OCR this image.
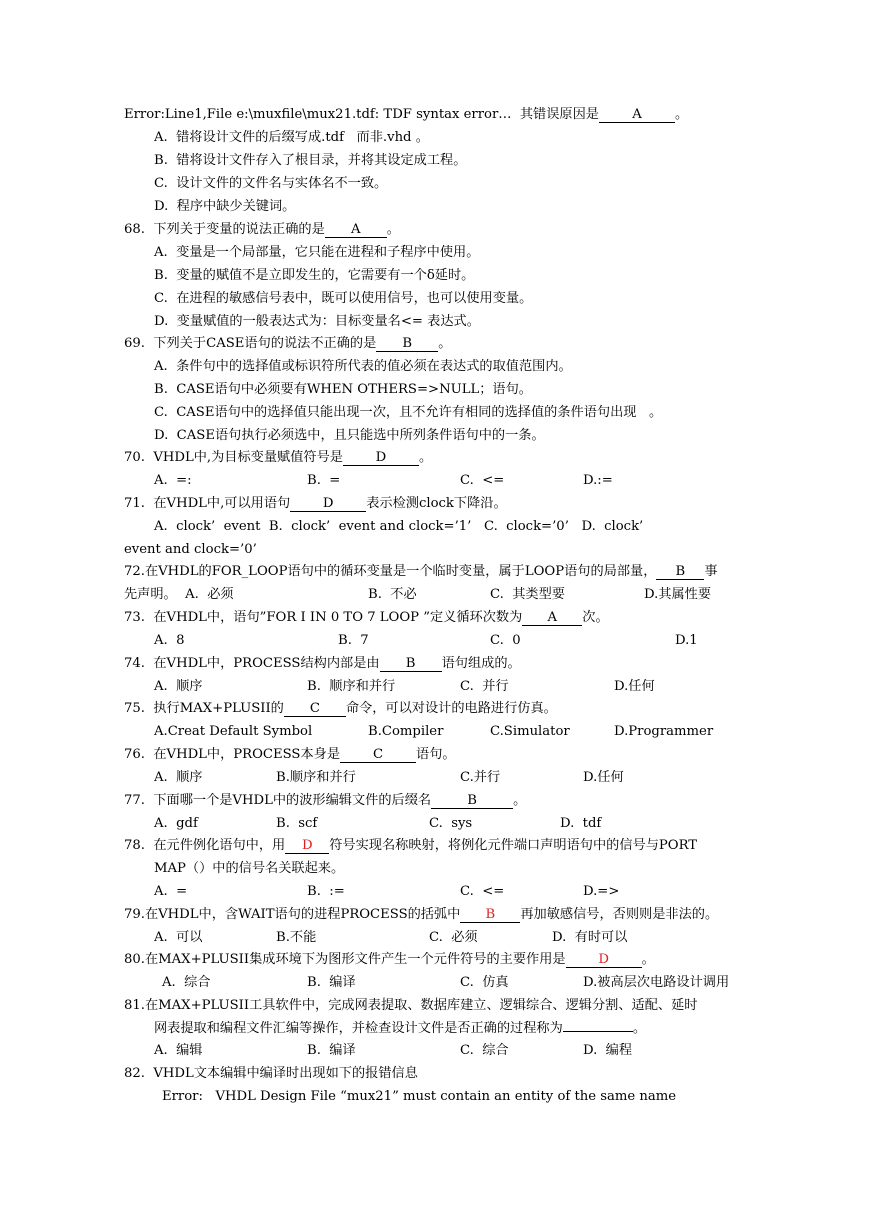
Error:Line1,File e:\muxfile\mux21.tdf: TDF syntax error…  其错误原因是	A	。
A.  错将设计文件的后缀写成.tdf   而非.vhd 。
B.  错将设计文件存入了根目录，并将其设定成工程。
C.  设计文件的文件名与实体名不一致。
D.  程序中缺少关键词。
68.  下列关于变量的说法正确的是 A 。
A.  变量是一个局部量，它只能在进程和子程序中使用。
B.  变量的赋值不是立即发生的，它需要有一个δ延时。
C.  在进程的敏感信号表中，既可以使用信号，也可以使用变量。
D.  变量赋值的一般表达式为：目标变量名<= 表达式。
69.  下列关于CASE语句的说法不正确的是 B 。
A.  条件句中的选择值或标识符所代表的值必须在表达式的取值范围内。
B.  CASE语句中必须要有WHEN OTHERS=>NULL；语句。
C.  CASE语句中的选择值只能出现一次，且不允许有相同的选择值的条件语句出现   。
D.  CASE语句执行必须选中，且只能选中所列条件语句中的一条。
70.  VHDL中,为目标变量赋值符号是 D 。
A.  =:	B.  =	C.  <=	D.:=
71.  在VHDL中,可以用语句 D 表示检测clock下降沿。
A.  clock’  event  B.  clock’  event and clock=’1’   C.  clock=’0’   D.  clock’
event and clock=’0’
72.在VHDL的FOR_LOOP语句中的循环变量是一个临时变量，属于LOOP语句的局部量， B 事
先声明。  A.  必须	B.  不必	C.  其类型要	D.其属性要
73.  在VHDL中，语句”FOR I IN 0 TO 7 LOOP ”定义循环次数为 A 次。
A.  8	B.  7	C.  0	D.1
74.  在VHDL中，PROCESS结构内部是由 B 语句组成的。
A.  顺序	B.  顺序和并行	C.  并行	D.任何
75.  执行MAX+PLUSII的 C 命令，可以对设计的电路进行仿真。
A.Creat Default Symbol	B.Compiler	C.Simulator	D.Programmer
76.  在VHDL中，PROCESS本身是 C 语句。
A.  顺序	B.顺序和并行	C.并行	D.任何
77.  下面哪一个是VHDL中的波形编辑文件的后缀名	B	。
A.  gdf	B.  scf	C.  sys	D.  tdf
78.  在元件例化语句中，用 D 符号实现名称映射，将例化元件端口声明语句中的信号与PORT
MAP（）中的信号名关联起来。
A.  =	B.  :=	C.  <=	D.=>
79.在VHDL中，含WAIT语句的进程PROCESS的括弧中 B 再加敏感信号，否则则是非法的。
A.  可以	B.不能	C.  必须	D.  有时可以
80.在MAX+PLUSII集成环境下为图形文件产生一个元件符号的主要作用是 D 。
A.  综合	B.  编译	C.  仿真	D.被高层次电路设计调用
81.在MAX+PLUSII工具软件中，完成网表提取、数据库建立、逻辑综合、逻辑分割、适配、延时
网表提取和编程文件汇编等操作，并检查设计文件是否正确的过程称为	。
A.  编辑	B.  编译	C.  综合	D.  编程
82.  VHDL文本编辑中编译时出现如下的报错信息
Error:   VHDL Design File “mux21” must contain an entity of the same name
